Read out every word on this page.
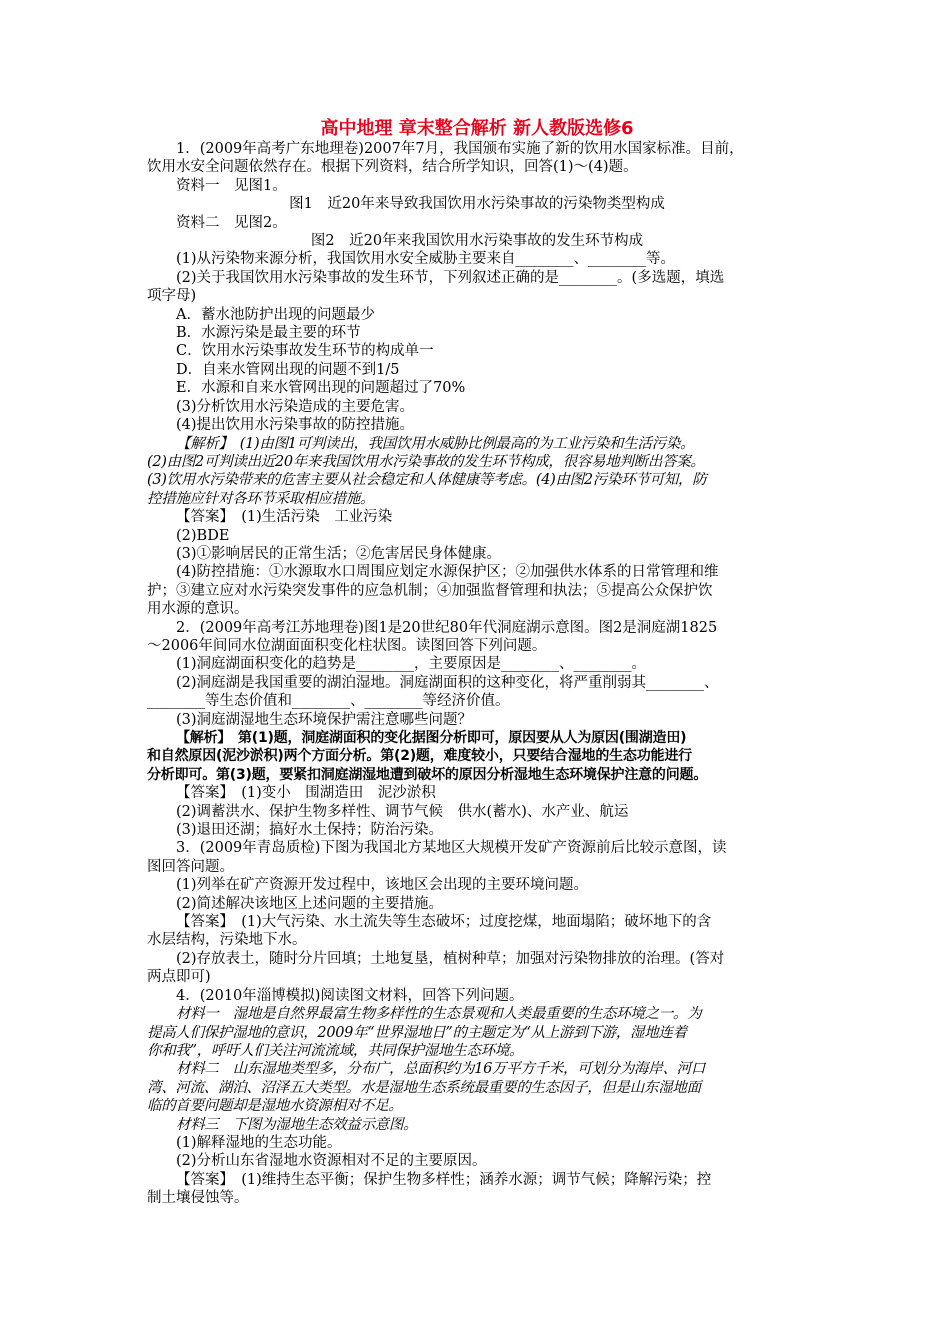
高中地理 章末整合解析 新人教版选修6

1．(2009年高考广东地理卷)2007年7月，我国颁布实施了新的饮用水国家标准。目前，

饮用水安全问题依然存在。根据下列资料，结合所学知识，回答(1)～(4)题。

资料一　见图1。

图1　近20年来导致我国饮用水污染事故的污染物类型构成

资料二　见图2。

图2　近20年来我国饮用水污染事故的发生环节构成

(1)从污染物来源分析，我国饮用水安全威胁主要来自________、________等。

(2)关于我国饮用水污染事故的发生环节，下列叙述正确的是________。(多选题，填选

项字母)

A．蓄水池防护出现的问题最少

B．水源污染是最主要的环节

C．饮用水污染事故发生环节的构成单一

D．自来水管网出现的问题不到1/5

E．水源和自来水管网出现的问题超过了70%

(3)分析饮用水污染造成的主要危害。

(4)提出饮用水污染事故的防控措施。

【解析】　(1)由图1可判读出，我国饮用水威胁比例最高的为工业污染和生活污染。

(2)由图2可判读出近20年来我国饮用水污染事故的发生环节构成，很容易地判断出答案。

(3)饮用水污染带来的危害主要从社会稳定和人体健康等考虑。(4)由图2污染环节可知，防

控措施应针对各环节采取相应措施。

【答案】　(1)生活污染　工业污染

(2)BDE

(3)①影响居民的正常生活；②危害居民身体健康。

(4)防控措施：①水源取水口周围应划定水源保护区；②加强供水体系的日常管理和维

护；③建立应对水污染突发事件的应急机制；④加强监督管理和执法；⑤提高公众保护饮

用水源的意识。

2．(2009年高考江苏地理卷)图1是20世纪80年代洞庭湖示意图。图2是洞庭湖1825

～2006年间同水位湖面面积变化柱状图。读图回答下列问题。

(1)洞庭湖面积变化的趋势是________，主要原因是________、________。

(2)洞庭湖是我国重要的湖泊湿地。洞庭湖面积的这种变化，将严重削弱其________、

________等生态价值和________、________等经济价值。

(3)洞庭湖湿地生态环境保护需注意哪些问题？

【解析】　第(1)题，洞庭湖面积的变化据图分析即可，原因要从人为原因(围湖造田)

和自然原因(泥沙淤积)两个方面分析。第(2)题，难度较小，只要结合湿地的生态功能进行

分析即可。第(3)题，要紧扣洞庭湖湿地遭到破坏的原因分析湿地生态环境保护注意的问题。

【答案】　(1)变小　围湖造田　泥沙淤积

(2)调蓄洪水、保护生物多样性、调节气候　供水(蓄水)、水产业、航运

(3)退田还湖；搞好水土保持；防治污染。

3．(2009年青岛质检)下图为我国北方某地区大规模开发矿产资源前后比较示意图，读

图回答问题。

(1)列举在矿产资源开发过程中，该地区会出现的主要环境问题。

(2)简述解决该地区上述问题的主要措施。

【答案】　(1)大气污染、水土流失等生态破坏；过度挖煤，地面塌陷；破坏地下的含

水层结构，污染地下水。

(2)存放表土，随时分片回填；土地复垦，植树种草；加强对污染物排放的治理。(答对

两点即可)

4．(2010年淄博模拟)阅读图文材料，回答下列问题。

材料一　湿地是自然界最富生物多样性的生态景观和人类最重要的生态环境之一。为

提高人们保护湿地的意识，2009年“世界湿地日”的主题定为“从上游到下游，湿地连着

你和我”，呼吁人们关注河流流域，共同保护湿地生态环境。

材料二　山东湿地类型多，分布广，总面积约为16万平方千米，可划分为海岸、河口

湾、河流、湖泊、沼泽五大类型。水是湿地生态系统最重要的生态因子，但是山东湿地面

临的首要问题却是湿地水资源相对不足。

材料三　下图为湿地生态效益示意图。

(1)解释湿地的生态功能。

(2)分析山东省湿地水资源相对不足的主要原因。

【答案】　(1)维持生态平衡；保护生物多样性；涵养水源；调节气候；降解污染；控

制土壤侵蚀等。
